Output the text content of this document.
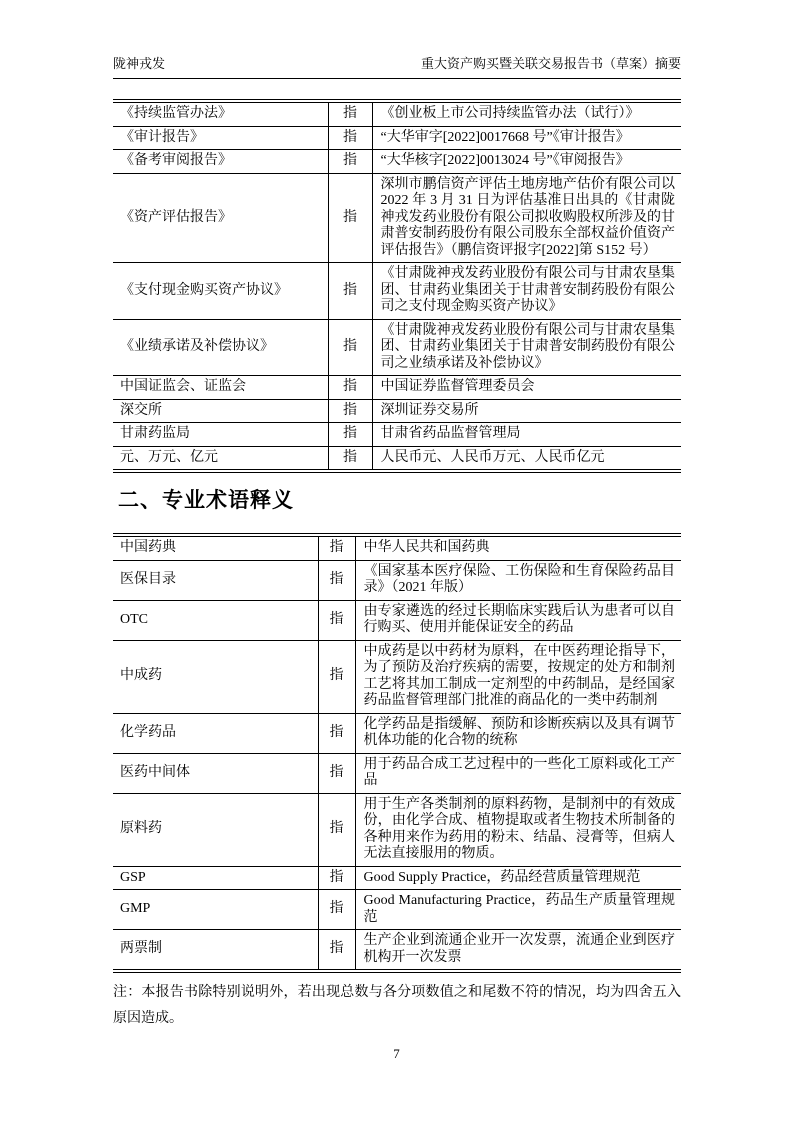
陇神戎发	重大资产购买暨关联交易报告书（草案）摘要
《持续监管办法》	指	《创业板上市公司持续监管办法（试行）》
《审计报告》	指	“大华审字[2022]0017668 号”《审计报告》
《备考审阅报告》	指	“大华核字[2022]0013024 号”《审阅报告》
《资产评估报告》	指	深圳市鹏信资产评估土地房地产估价有限公司以 2022 年 3 月 31 日为评估基准日出具的《甘肃陇神戎发药业股份有限公司拟收购股权所涉及的甘肃普安制药股份有限公司股东全部权益价值资产评估报告》（鹏信资评报字[2022]第 S152 号）
《支付现金购买资产协议》	指	《甘肃陇神戎发药业股份有限公司与甘肃农垦集团、甘肃药业集团关于甘肃普安制药股份有限公司之支付现金购买资产协议》
《业绩承诺及补偿协议》	指	《甘肃陇神戎发药业股份有限公司与甘肃农垦集团、甘肃药业集团关于甘肃普安制药股份有限公司之业绩承诺及补偿协议》
中国证监会、证监会	指	中国证券监督管理委员会
深交所	指	深圳证券交易所
甘肃药监局	指	甘肃省药品监督管理局
元、万元、亿元	指	人民币元、人民币万元、人民币亿元
二、专业术语释义
中国药典	指	中华人民共和国药典
医保目录	指	《国家基本医疗保险、工伤保险和生育保险药品目录》（2021 年版）
OTC	指	由专家遴选的经过长期临床实践后认为患者可以自行购买、使用并能保证安全的药品
中成药	指	中成药是以中药材为原料，在中医药理论指导下，为了预防及治疗疾病的需要，按规定的处方和制剂工艺将其加工制成一定剂型的中药制品，是经国家药品监督管理部门批准的商品化的一类中药制剂
化学药品	指	化学药品是指缓解、预防和诊断疾病以及具有调节机体功能的化合物的统称
医药中间体	指	用于药品合成工艺过程中的一些化工原料或化工产品
原料药	指	用于生产各类制剂的原料药物，是制剂中的有效成份，由化学合成、植物提取或者生物技术所制备的各种用来作为药用的粉末、结晶、浸膏等，但病人无法直接服用的物质。
GSP	指	Good Supply Practice，药品经营质量管理规范
GMP	指	Good Manufacturing Practice，药品生产质量管理规范
两票制	指	生产企业到流通企业开一次发票，流通企业到医疗机构开一次发票

注：本报告书除特别说明外，若出现总数与各分项数值之和尾数不符的情况，均为四舍五入原因造成。

7
